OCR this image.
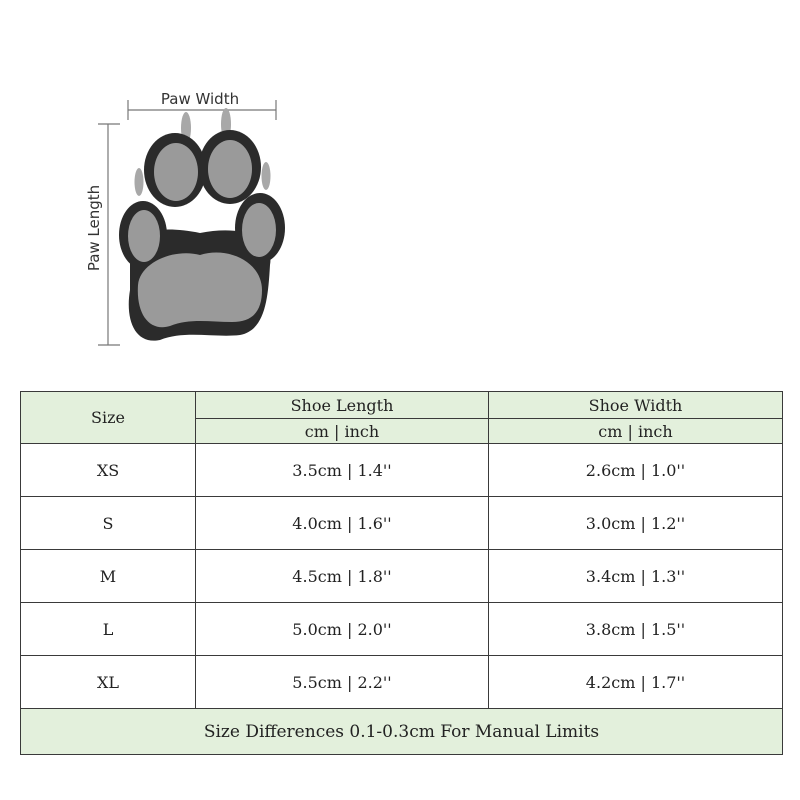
Paw Width
Paw Length
Size	Shoe Length	Shoe Width
	cm | inch	cm | inch
XS	3.5cm | 1.4''	2.6cm | 1.0''
S	4.0cm | 1.6''	3.0cm | 1.2''
M	4.5cm | 1.8''	3.4cm | 1.3''
L	5.0cm | 2.0''	3.8cm | 1.5''
XL	5.5cm | 2.2''	4.2cm | 1.7''
Size Differences 0.1-0.3cm For Manual Limits		
